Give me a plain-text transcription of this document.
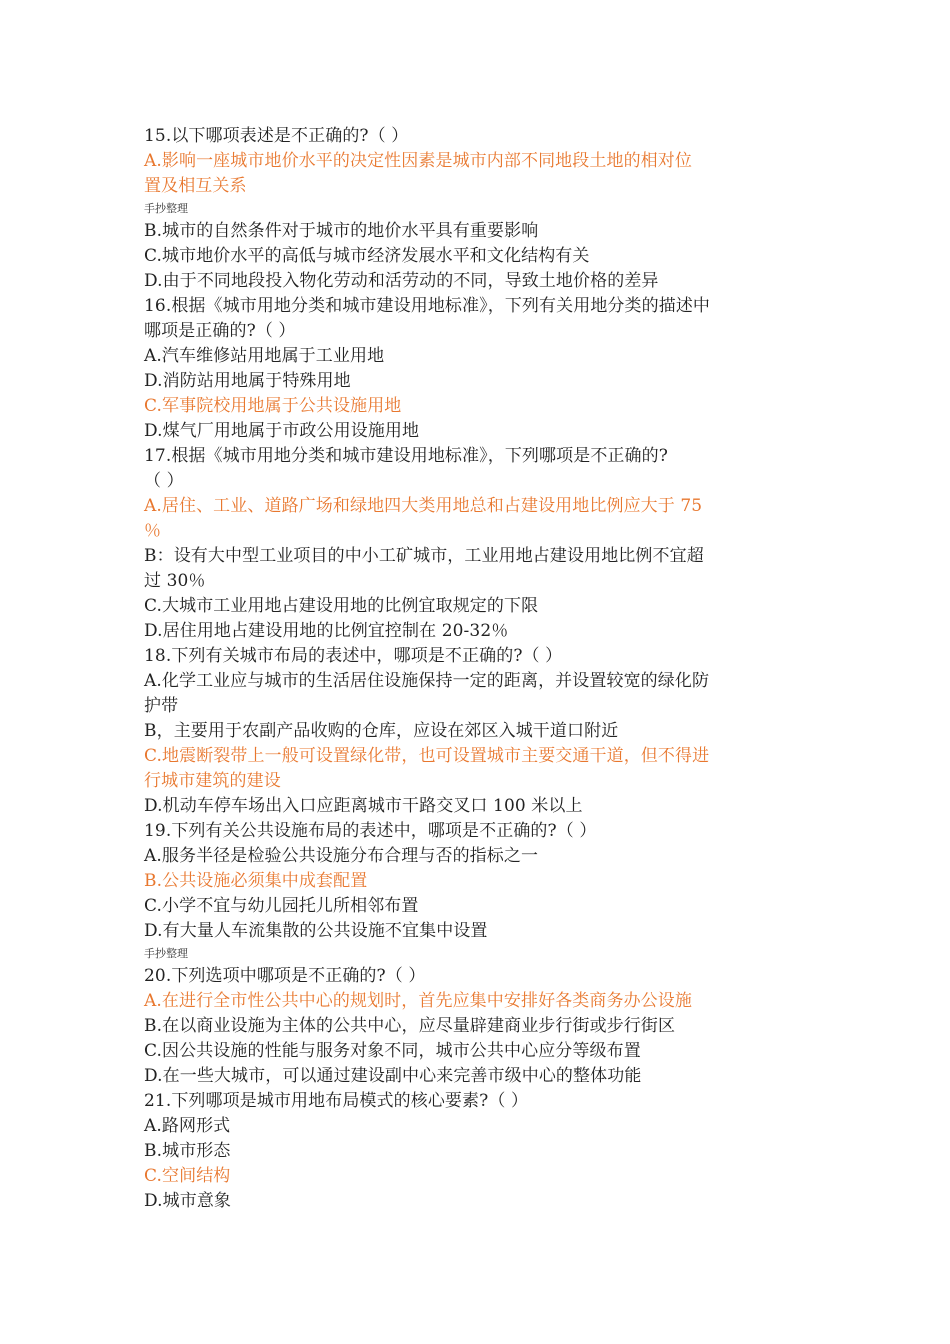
15.以下哪项表述是不正确的?（ ）
A.影响一座城市地价水平的决定性因素是城市内部不同地段土地的相对位
置及相互关系
手抄整理
B.城市的自然条件对于城市的地价水平具有重要影响
C.城市地价水平的高低与城市经济发展水平和文化结构有关
D.由于不同地段投入物化劳动和活劳动的不同，导致土地价格的差异
16.根据《城市用地分类和城市建设用地标准》，下列有关用地分类的描述中
哪项是正确的?（ ）
A.汽车维修站用地属于工业用地
D.消防站用地属于特殊用地
C.军事院校用地属于公共设施用地
D.煤气厂用地属于市政公用设施用地
17.根据《城市用地分类和城市建设用地标准》，下列哪项是不正确的?
（ ）
A.居住、工业、道路广场和绿地四大类用地总和占建设用地比例应大于 75
％
B：设有大中型工业项目的中小工矿城市，工业用地占建设用地比例不宜超
过 30％
C.大城市工业用地占建设用地的比例宜取规定的下限
D.居住用地占建设用地的比例宜控制在 20-32％
18.下列有关城市布局的表述中，哪项是不正确的?（ ）
A.化学工业应与城市的生活居住设施保持一定的距离，并设置较宽的绿化防
护带
B，主要用于农副产品收购的仓库，应设在郊区入城干道口附近
C.地震断裂带上一般可设置绿化带，也可设置城市主要交通干道，但不得进
行城市建筑的建设
D.机动车停车场出入口应距离城市干路交叉口 100 米以上
19.下列有关公共设施布局的表述中，哪项是不正确的?（ ）
A.服务半径是检验公共设施分布合理与否的指标之一
B.公共设施必须集中成套配置
C.小学不宜与幼儿园托儿所相邻布置
D.有大量人车流集散的公共设施不宜集中设置
手抄整理
20.下列选项中哪项是不正确的?（ ）
A.在进行全市性公共中心的规划时，首先应集中安排好各类商务办公设施
B.在以商业设施为主体的公共中心，应尽量辟建商业步行街或步行街区
C.因公共设施的性能与服务对象不同，城市公共中心应分等级布置
D.在一些大城市，可以通过建设副中心来完善市级中心的整体功能
21.下列哪项是城市用地布局模式的核心要素?（ ）
A.路网形式
B.城市形态
C.空间结构
D.城市意象
